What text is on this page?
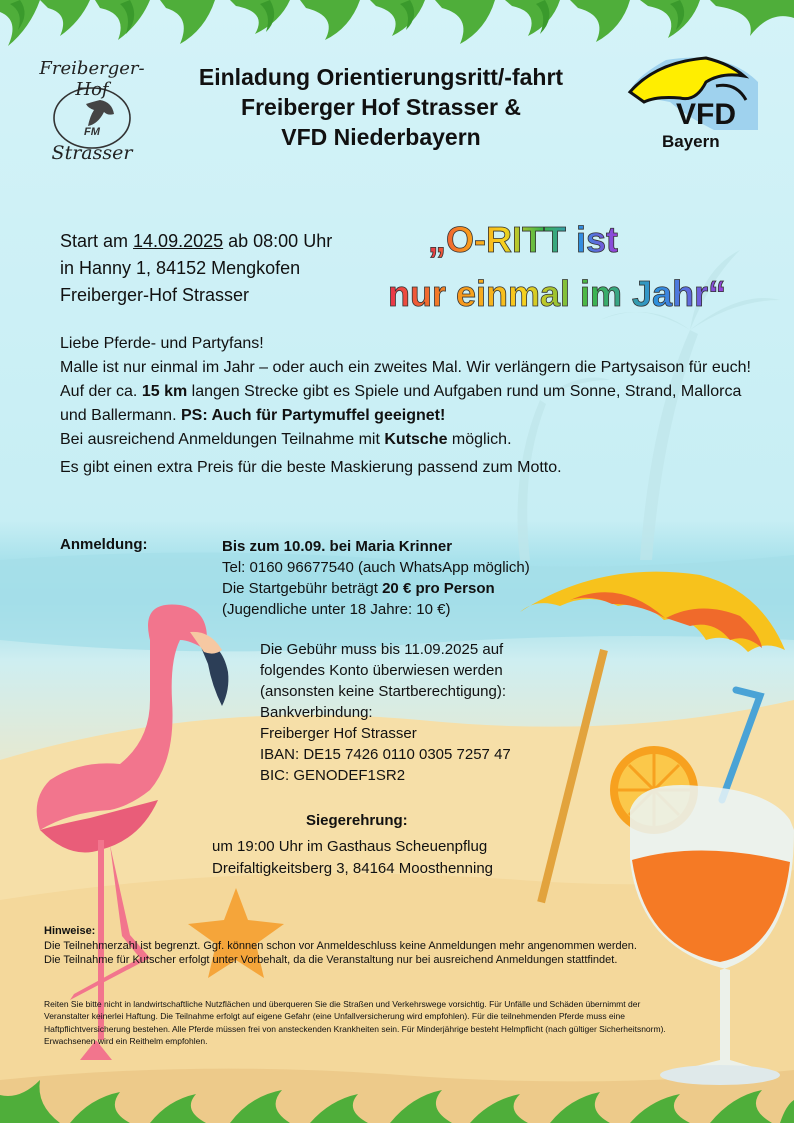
Freiberger-Hof
FM
Strasser
Einladung Orientierungsritt/-fahrt
Freiberger Hof Strasser &
VFD Niederbayern
VFD
Bayern
Start am 14.09.2025 ab 08:00 Uhr
in Hanny 1, 84152 Mengkofen
Freiberger-Hof Strasser
„O-RITT ist
nur einmal im Jahr“

Liebe Pferde- und Partyfans!

Malle ist nur einmal im Jahr – oder auch ein zweites Mal. Wir verlängern die Partysaison für euch! Auf der ca. 15 km langen Strecke gibt es Spiele und Aufgaben rund um Sonne, Strand, Mallorca und Ballermann. PS: Auch für Partymuffel geeignet!

Bei ausreichend Anmeldungen Teilnahme mit Kutsche möglich.

Es gibt einen extra Preis für die beste Maskierung passend zum Motto.

Anmeldung:	Bis zum 10.09. bei Maria Krinner
Tel: 0160 96677540 (auch WhatsApp möglich)
Die Startgebühr beträgt 20 € pro Person
(Jugendliche unter 18 Jahre: 10 €)
Die Gebühr muss bis 11.09.2025 auf
folgendes Konto überwiesen werden
(ansonsten keine Startberechtigung):
Bankverbindung:
Freiberger Hof Strasser
IBAN: DE15 7426 0110 0305 7257 47
BIC: GENODEF1SR2
Siegerehrung:
um 19:00 Uhr im Gasthaus Scheuenpflug
Dreifaltigkeitsberg 3, 84164 Moosthenning
Hinweise:
Die Teilnehmerzahl ist begrenzt. Ggf. können schon vor Anmeldeschluss keine Anmeldungen mehr angenommen werden. Die Teilnahme für Kutscher erfolgt unter Vorbehalt, da die Veranstaltung nur bei ausreichend Anmeldungen stattfindet.
Reiten Sie bitte nicht in landwirtschaftliche Nutzflächen und überqueren Sie die Straßen und Verkehrswege vorsichtig. Für Unfälle und Schäden übernimmt der Veranstalter keinerlei Haftung. Die Teilnahme erfolgt auf eigene Gefahr (eine Unfallversicherung wird empfohlen). Für die teilnehmenden Pferde muss eine Haftpflichtversicherung bestehen. Alle Pferde müssen frei von ansteckenden Krankheiten sein. Für Minderjährige besteht Helmpflicht (nach gültiger Sicherheitsnorm). Erwachsenen wird ein Reithelm empfohlen.
